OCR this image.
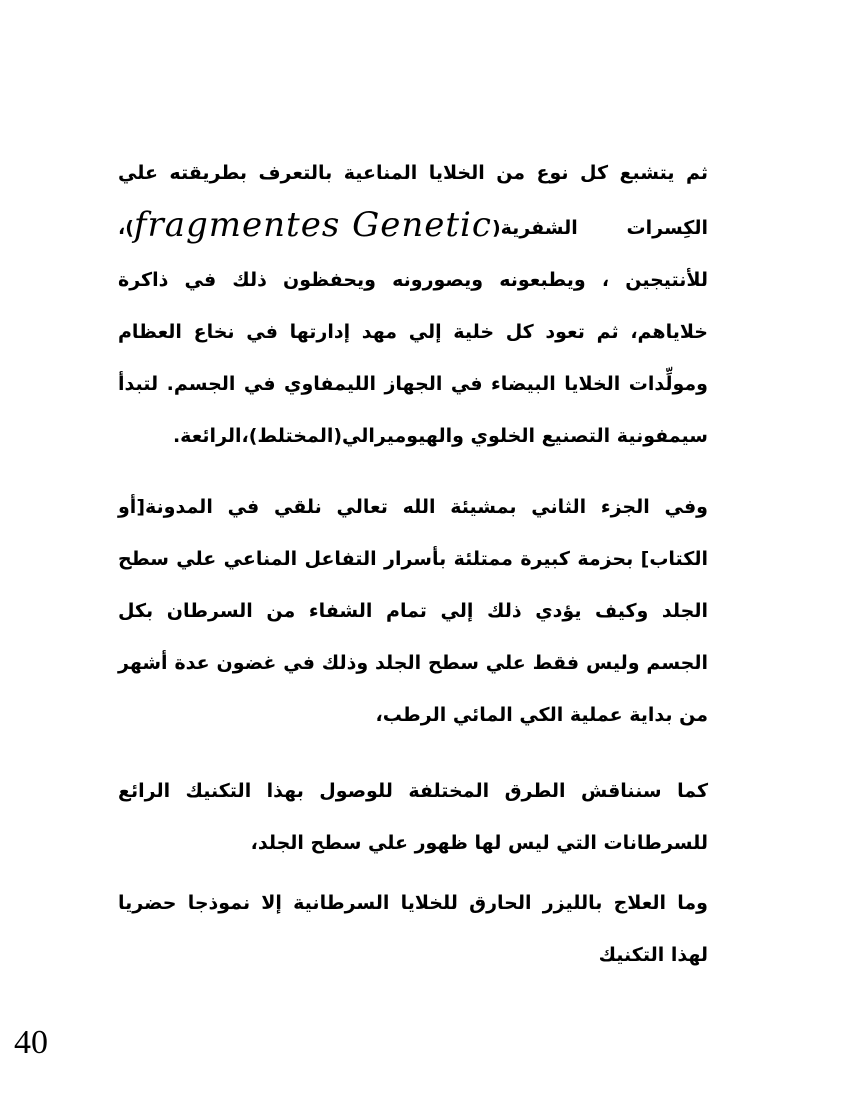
ثم يتشبع كل نوع من الخلايا المناعية بالتعرف بطريقته علي الكِسرات الشفرية(fragmentes Genetic)، للأنتيجين ، ويطبعونه ويصورونه ويحفظون ذلك في ذاكرة خلاياهم، ثم تعود كل خلية إلي مهد إدارتها في نخاع العظام ومولِّدات الخلايا البيضاء في الجهاز الليمفاوي في الجسم. لتبدأ سيمفونية التصنيع الخلوي والهيوميرالي(المختلط)،الرائعة.

وفي الجزء الثاني بمشيئة الله تعالي نلقي في المدونة[أو الكتاب] بحزمة كبيرة ممتلئة بأسرار التفاعل المناعي علي سطح الجلد وكيف يؤدي ذلك إلي تمام الشفاء من السرطان بكل الجسم وليس فقط علي سطح الجلد وذلك في غضون عدة أشهر من بداية عملية الكي المائي الرطب،

كما سنناقش الطرق المختلفة للوصول بهذا التكنيك الرائع للسرطانات التي ليس لها ظهور علي سطح الجلد،

وما العلاج بالليزر الحارق للخلايا السرطانية إلا نموذجا حضريا لهذا التكنيك

40
